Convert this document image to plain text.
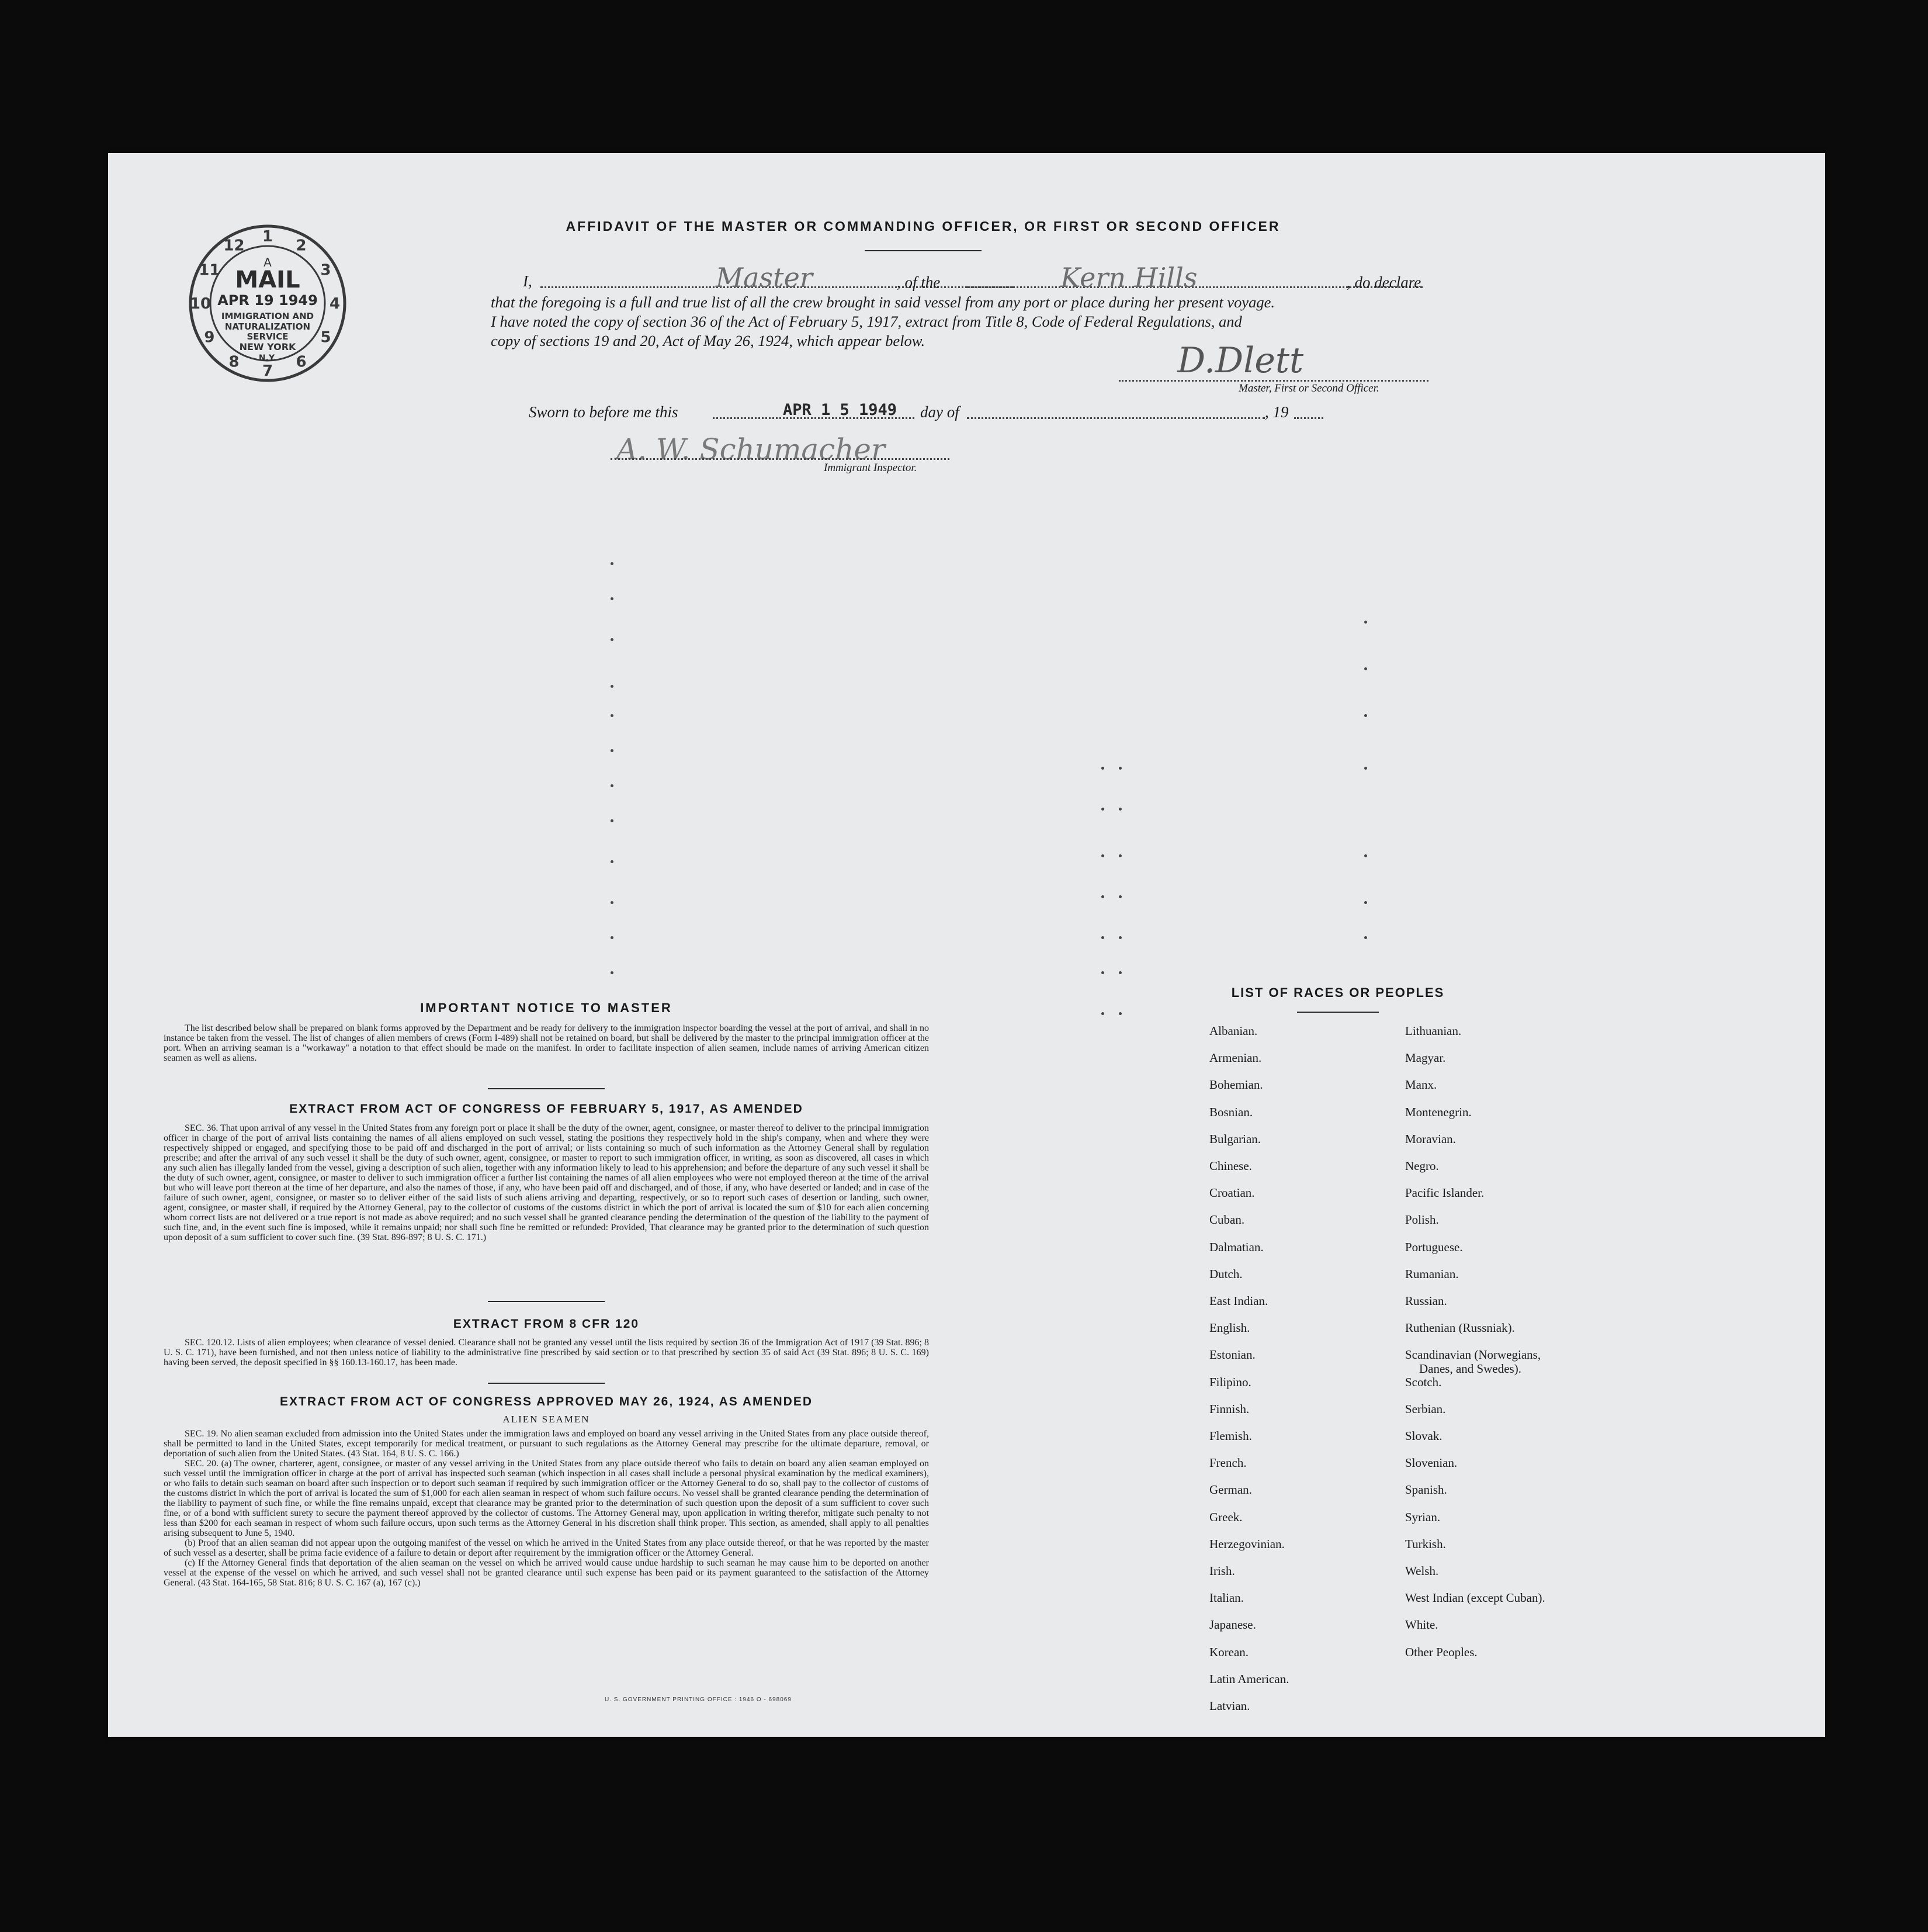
1
2
3
4
5
6
7
8
9
10
11
12
A
MAIL
APR 19 1949
IMMIGRATION AND
NATURALIZATION
SERVICE
NEW YORK
N.Y.
AFFIDAVIT OF THE MASTER OR COMMANDING OFFICER, OR FIRST OR SECOND OFFICER
I,	Master	, of the	Kern Hills	, do declare
that the foregoing is a full and true list of all the crew brought in said vessel from any port or place during her present voyage.
I have noted the copy of section 36 of the Act of February 5, 1917, extract from Title 8, Code of Federal Regulations, and
copy of sections 19 and 20, Act of May 26, 1924, which appear below.	D.Dlett
Master, First or Second Officer.
Sworn to before me this	APR 1 5 1949 day of	, 19
A. W. Schumacher
Immigrant Inspector.
IMPORTANT NOTICE TO MASTER
The list described below shall be prepared on blank forms approved by the Department and be ready for delivery to the immigration inspector boarding the vessel at the port of arrival, and shall in no instance be taken from the vessel. The list of changes of alien members of crews (Form I-489) shall not be retained on board, but shall be delivered by the master to the principal immigration officer at the port. When an arriving seaman is a "workaway" a notation to that effect should be made on the manifest. In order to facilitate inspection of alien seamen, include names of arriving American citizen seamen as well as aliens.
EXTRACT FROM ACT OF CONGRESS OF FEBRUARY 5, 1917, AS AMENDED
SEC. 36. That upon arrival of any vessel in the United States from any foreign port or place it shall be the duty of the owner, agent, consignee, or master thereof to deliver to the principal immigration officer in charge of the port of arrival lists containing the names of all aliens employed on such vessel, stating the positions they respectively hold in the ship's company, when and where they were respectively shipped or engaged, and specifying those to be paid off and discharged in the port of arrival; or lists containing so much of such information as the Attorney General shall by regulation prescribe; and after the arrival of any such vessel it shall be the duty of such owner, agent, consignee, or master to report to such immigration officer, in writing, as soon as discovered, all cases in which any such alien has illegally landed from the vessel, giving a description of such alien, together with any information likely to lead to his apprehension; and before the departure of any such vessel it shall be the duty of such owner, agent, consignee, or master to deliver to such immigration officer a further list containing the names of all alien employees who were not employed thereon at the time of the arrival but who will leave port thereon at the time of her departure, and also the names of those, if any, who have been paid off and discharged, and of those, if any, who have deserted or landed; and in case of the failure of such owner, agent, consignee, or master so to deliver either of the said lists of such aliens arriving and departing, respectively, or so to report such cases of desertion or landing, such owner, agent, consignee, or master shall, if required by the Attorney General, pay to the collector of customs of the customs district in which the port of arrival is located the sum of $10 for each alien concerning whom correct lists are not delivered or a true report is not made as above required; and no such vessel shall be granted clearance pending the determination of the question of the liability to the payment of such fine, and, in the event such fine is imposed, while it remains unpaid; nor shall such fine be remitted or refunded: Provided, That clearance may be granted prior to the determination of such question upon deposit of a sum sufficient to cover such fine. (39 Stat. 896-897; 8 U. S. C. 171.)
EXTRACT FROM 8 CFR 120
SEC. 120.12. Lists of alien employees; when clearance of vessel denied. Clearance shall not be granted any vessel until the lists required by section 36 of the Immigration Act of 1917 (39 Stat. 896; 8 U. S. C. 171), have been furnished, and not then unless notice of liability to the administrative fine prescribed by said section or to that prescribed by section 35 of said Act (39 Stat. 896; 8 U. S. C. 169) having been served, the deposit specified in §§ 160.13-160.17, has been made.
EXTRACT FROM ACT OF CONGRESS APPROVED MAY 26, 1924, AS AMENDED
ALIEN SEAMEN
SEC. 19. No alien seaman excluded from admission into the United States under the immigration laws and employed on board any vessel arriving in the United States from any place outside thereof, shall be permitted to land in the United States, except temporarily for medical treatment, or pursuant to such regulations as the Attorney General may prescribe for the ultimate departure, removal, or deportation of such alien from the United States. (43 Stat. 164, 8 U. S. C. 166.)
SEC. 20. (a) The owner, charterer, agent, consignee, or master of any vessel arriving in the United States from any place outside thereof who fails to detain on board any alien seaman employed on such vessel until the immigration officer in charge at the port of arrival has inspected such seaman (which inspection in all cases shall include a personal physical examination by the medical examiners), or who fails to detain such seaman on board after such inspection or to deport such seaman if required by such immigration officer or the Attorney General to do so, shall pay to the collector of customs of the customs district in which the port of arrival is located the sum of $1,000 for each alien seaman in respect of whom such failure occurs. No vessel shall be granted clearance pending the determination of the liability to payment of such fine, or while the fine remains unpaid, except that clearance may be granted prior to the determination of such question upon the deposit of a sum sufficient to cover such fine, or of a bond with sufficient surety to secure the payment thereof approved by the collector of customs. The Attorney General may, upon application in writing therefor, mitigate such penalty to not less than $200 for each seaman in respect of whom such failure occurs, upon such terms as the Attorney General in his discretion shall think proper. This section, as amended, shall apply to all penalties arising subsequent to June 5, 1940.
(b) Proof that an alien seaman did not appear upon the outgoing manifest of the vessel on which he arrived in the United States from any place outside thereof, or that he was reported by the master of such vessel as a deserter, shall be prima facie evidence of a failure to detain or deport after requirement by the immigration officer or the Attorney General.
(c) If the Attorney General finds that deportation of the alien seaman on the vessel on which he arrived would cause undue hardship to such seaman he may cause him to be deported on another vessel at the expense of the vessel on which he arrived, and such vessel shall not be granted clearance until such expense has been paid or its payment guaranteed to the satisfaction of the Attorney General. (43 Stat. 164-165, 58 Stat. 816; 8 U. S. C. 167 (a), 167 (c).)
U. S. GOVERNMENT PRINTING OFFICE : 1946 O - 698069
LIST OF RACES OR PEOPLES
Albanian.
Armenian.
Bohemian.
Bosnian.
Bulgarian.
Chinese.
Croatian.
Cuban.
Dalmatian.
Dutch.
East Indian.
English.
Estonian.
Filipino.
Finnish.
Flemish.
French.
German.
Greek.
Herzegovinian.
Irish.
Italian.
Japanese.
Korean.
Latin American.
Latvian.
Lithuanian.
Magyar.
Manx.
Montenegrin.
Moravian.
Negro.
Pacific Islander.
Polish.
Portuguese.
Rumanian.
Russian.
Ruthenian (Russniak).
Scandinavian (Norwegians,
Danes, and Swedes).
Scotch.
Serbian.
Slovak.
Slovenian.
Spanish.
Syrian.
Turkish.
Welsh.
West Indian (except Cuban).
White.
Other Peoples.
